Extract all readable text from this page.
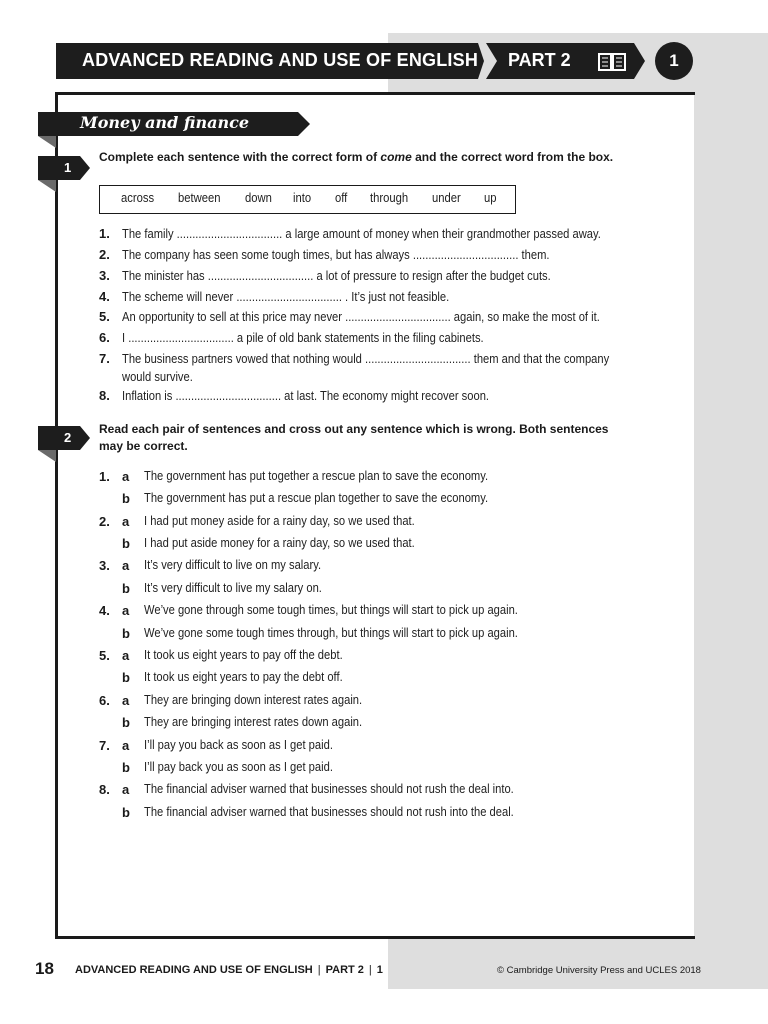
ADVANCED READING AND USE OF ENGLISH PART 2	1
Money and finance
1
Complete each sentence with the correct form of come and the correct word from the box.
across between down into off through under up
1. The family .................................. a large amount of money when their grandmother passed away.
2. The company has seen some tough times, but has always .................................. them.
3. The minister has .................................. a lot of pressure to resign after the budget cuts.
4. The scheme will never .................................. . It’s just not feasible.
5. An opportunity to sell at this price may never .................................. again, so make the most of it.
6. I .................................. a pile of old bank statements in the filing cabinets.
7. The business partners vowed that nothing would .................................. them and that the company
would survive.
8. Inflation is .................................. at last. The economy might recover soon.
2
Read each pair of sentences and cross out any sentence which is wrong. Both sentences
may be correct.
1. a The government has put together a rescue plan to save the economy.
b The government has put a rescue plan together to save the economy.
2. a I had put money aside for a rainy day, so we used that.
b I had put aside money for a rainy day, so we used that.
3. a It’s very difficult to live on my salary.
b It’s very difficult to live my salary on.
4. a We’ve gone through some tough times, but things will start to pick up again.
b We’ve gone some tough times through, but things will start to pick up again.
5. a It took us eight years to pay off the debt.
b It took us eight years to pay the debt off.
6. a They are bringing down interest rates again.
b They are bringing interest rates down again.
7. a I’ll pay you back as soon as I get paid.
b I’ll pay back you as soon as I get paid.
8. a The financial adviser warned that businesses should not rush the deal into.
b The financial adviser warned that businesses should not rush into the deal.
18 ADVANCED READING AND USE OF ENGLISH | PART 2 | 1	© Cambridge University Press and UCLES 2018
